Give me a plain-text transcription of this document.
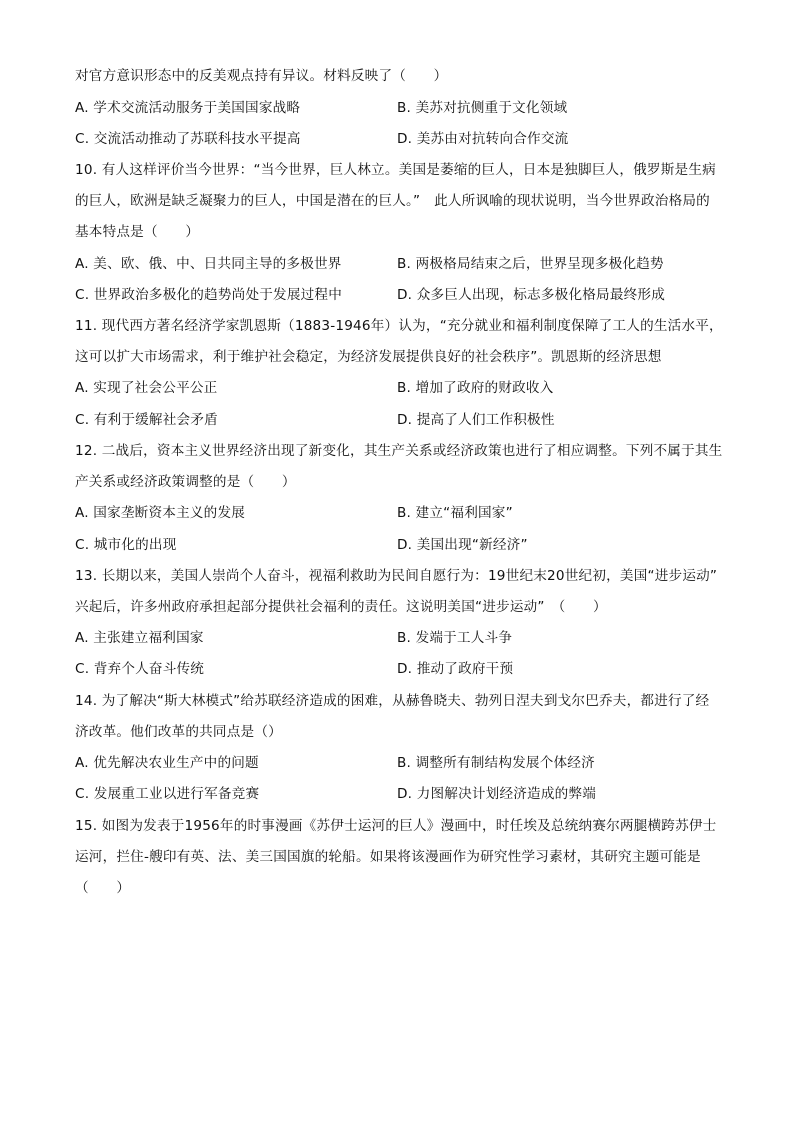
对官方意识形态中的反美观点持有异议。材料反映了（　　）
A. 学术交流活动服务于美国国家战略	B. 美苏对抗侧重于文化领域
C. 交流活动推动了苏联科技水平提高	D. 美苏由对抗转向合作交流
10. 有人这样评价当今世界：“当今世界，巨人林立。美国是萎缩的巨人，日本是独脚巨人，俄罗斯是生病
的巨人，欧洲是缺乏凝聚力的巨人，中国是潜在的巨人。”　此人所讽喻的现状说明，当今世界政治格局的
基本特点是（　　）
A. 美、欧、俄、中、日共同主导的多极世界	B. 两极格局结束之后，世界呈现多极化趋势
C. 世界政治多极化的趋势尚处于发展过程中	D. 众多巨人出现，标志多极化格局最终形成
11. 现代西方著名经济学家凯恩斯（1883-1946年）认为，“充分就业和福利制度保障了工人的生活水平，
这可以扩大市场需求，利于维护社会稳定，为经济发展提供良好的社会秩序”。凯恩斯的经济思想
A. 实现了社会公平公正	B. 增加了政府的财政收入
C. 有利于缓解社会矛盾	D. 提高了人们工作积极性
12. 二战后，资本主义世界经济出现了新变化，其生产关系或经济政策也进行了相应调整。下列不属于其生
产关系或经济政策调整的是（　　）
A. 国家垄断资本主义的发展	B. 建立“福利国家”
C. 城市化的出现	D. 美国出现“新经济”
13. 长期以来，美国人崇尚个人奋斗，视福利救助为民间自愿行为：19世纪末20世纪初，美国“进步运动”
兴起后，许多州政府承担起部分提供社会福利的责任。这说明美国“进步运动”　（　　）
A. 主张建立福利国家	B. 发端于工人斗争
C. 背弃个人奋斗传统	D. 推动了政府干预
14. 为了解决“斯大林模式”给苏联经济造成的困难，从赫鲁晓夫、勃列日涅夫到戈尔巴乔夫，都进行了经
济改革。他们改革的共同点是（）
A. 优先解决农业生产中的问题	B. 调整所有制结构发展个体经济
C. 发展重工业以进行军备竞赛	D. 力图解决计划经济造成的弊端
15. 如图为发表于1956年的时事漫画《苏伊士运河的巨人》漫画中，时任埃及总统纳赛尔两腿横跨苏伊士
运河，拦住-艘印有英、法、美三国国旗的轮船。如果将该漫画作为研究性学习素材，其研究主题可能是
（　　）
